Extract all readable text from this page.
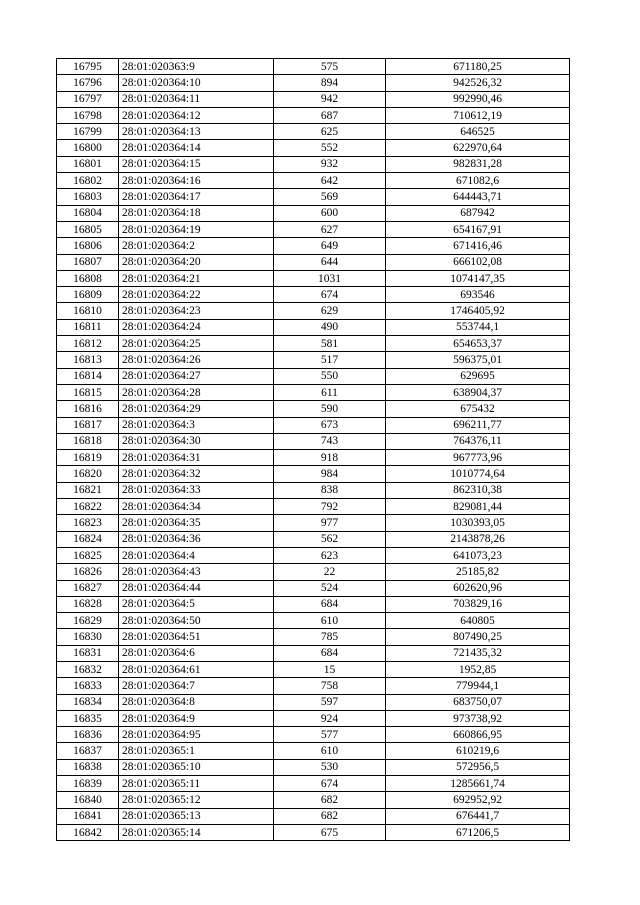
16795	28:01:020363:9	575	671180,25
16796	28:01:020364:10	894	942526,32
16797	28:01:020364:11	942	992990,46
16798	28:01:020364:12	687	710612,19
16799	28:01:020364:13	625	646525
16800	28:01:020364:14	552	622970,64
16801	28:01:020364:15	932	982831,28
16802	28:01:020364:16	642	671082,6
16803	28:01:020364:17	569	644443,71
16804	28:01:020364:18	600	687942
16805	28:01:020364:19	627	654167,91
16806	28:01:020364:2	649	671416,46
16807	28:01:020364:20	644	666102,08
16808	28:01:020364:21	1031	1074147,35
16809	28:01:020364:22	674	693546
16810	28:01:020364:23	629	1746405,92
16811	28:01:020364:24	490	553744,1
16812	28:01:020364:25	581	654653,37
16813	28:01:020364:26	517	596375,01
16814	28:01:020364:27	550	629695
16815	28:01:020364:28	611	638904,37
16816	28:01:020364:29	590	675432
16817	28:01:020364:3	673	696211,77
16818	28:01:020364:30	743	764376,11
16819	28:01:020364:31	918	967773,96
16820	28:01:020364:32	984	1010774,64
16821	28:01:020364:33	838	862310,38
16822	28:01:020364:34	792	829081,44
16823	28:01:020364:35	977	1030393,05
16824	28:01:020364:36	562	2143878,26
16825	28:01:020364:4	623	641073,23
16826	28:01:020364:43	22	25185,82
16827	28:01:020364:44	524	602620,96
16828	28:01:020364:5	684	703829,16
16829	28:01:020364:50	610	640805
16830	28:01:020364:51	785	807490,25
16831	28:01:020364:6	684	721435,32
16832	28:01:020364:61	15	1952,85
16833	28:01:020364:7	758	779944,1
16834	28:01:020364:8	597	683750,07
16835	28:01:020364:9	924	973738,92
16836	28:01:020364:95	577	660866,95
16837	28:01:020365:1	610	610219,6
16838	28:01:020365:10	530	572956,5
16839	28:01:020365:11	674	1285661,74
16840	28:01:020365:12	682	692952,92
16841	28:01:020365:13	682	676441,7
16842	28:01:020365:14	675	671206,5
